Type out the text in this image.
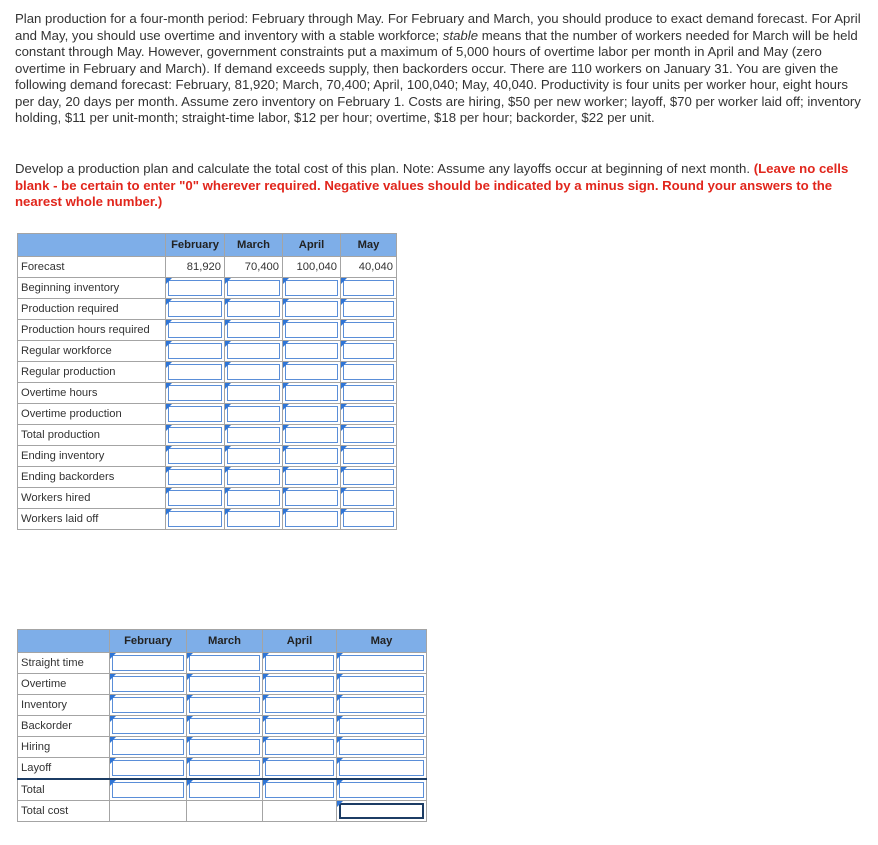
Plan production for a four-month period: February through May. For February and March, you should produce to exact demand forecast. For April and May, you should use overtime and inventory with a stable workforce; stable means that the number of workers needed for March will be held constant through May. However, government constraints put a maximum of 5,000 hours of overtime labor per month in April and May (zero overtime in February and March). If demand exceeds supply, then backorders occur. There are 110 workers on January 31. You are given the following demand forecast: February, 81,920; March, 70,400; April, 100,040; May, 40,040. Productivity is four units per worker hour, eight hours per day, 20 days per month. Assume zero inventory on February 1. Costs are hiring, $50 per new worker; layoff, $70 per worker laid off; inventory holding, $11 per unit-month; straight-time labor, $12 per hour; overtime, $18 per hour; backorder, $22 per unit.
Develop a production plan and calculate the total cost of this plan. Note: Assume any layoffs occur at beginning of next month. (Leave no cells blank - be certain to enter "0" wherever required. Negative values should be indicated by a minus sign. Round your answers to the nearest whole number.)
	February	March	April	May
Forecast	81,920	70,400	100,040	40,040
Beginning inventory	

Production required	

Production hours required	

Regular workforce	

Regular production	

Overtime hours	

Overtime production	

Total production	

Ending inventory	

Ending backorders	

Workers hired	

Workers laid off	

	February	March	April	May
Straight time	

Overtime	

Inventory	

Backorder	

Hiring	

Layoff	

Total	

Total cost				
